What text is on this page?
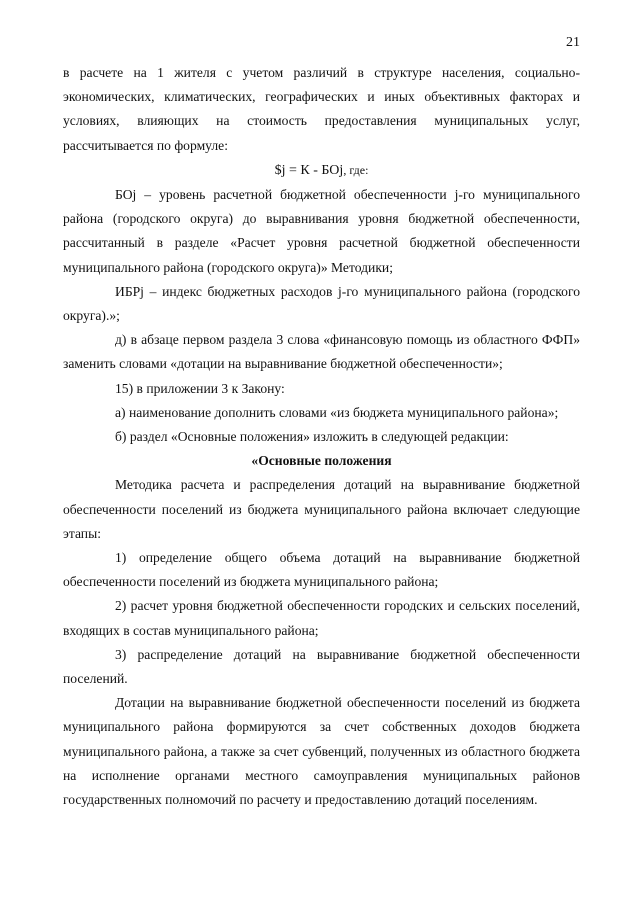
21

в расчете на 1 жителя с учетом различий в структуре населения, социально-экономических, климатических, географических и иных объективных факторах и условиях, влияющих на стоимость предоставления муниципальных услуг, рассчитывается по формуле:

$j = К - БОj, где:

БОj – уровень расчетной бюджетной обеспеченности j-го муниципального района (городского округа) до выравнивания уровня бюджетной обеспеченности, рассчитанный в разделе «Расчет уровня расчетной бюджетной обеспеченности муниципального района (городского округа)» Методики;

ИБРj – индекс бюджетных расходов j-го муниципального района (городского округа).»;

д) в абзаце первом раздела 3 слова «финансовую помощь из областного ФФП» заменить словами «дотации на выравнивание бюджетной обеспеченности»;

15) в приложении 3 к Закону:

а) наименование дополнить словами «из бюджета муниципального района»;

б) раздел «Основные положения» изложить в следующей редакции:

«Основные положения

Методика расчета и распределения дотаций на выравнивание бюджетной обеспеченности поселений из бюджета муниципального района включает следующие этапы:

1) определение общего объема дотаций на выравнивание бюджетной обеспеченности поселений из бюджета муниципального района;

2) расчет уровня бюджетной обеспеченности городских и сельских поселений, входящих в состав муниципального района;

3) распределение дотаций на выравнивание бюджетной обеспеченности поселений.

Дотации на выравнивание бюджетной обеспеченности поселений из бюджета муниципального района формируются за счет собственных доходов бюджета муниципального района, а также за счет субвенций, полученных из областного бюджета на исполнение органами местного самоуправления муниципальных районов государственных полномочий по расчету и предоставлению дотаций поселениям.
